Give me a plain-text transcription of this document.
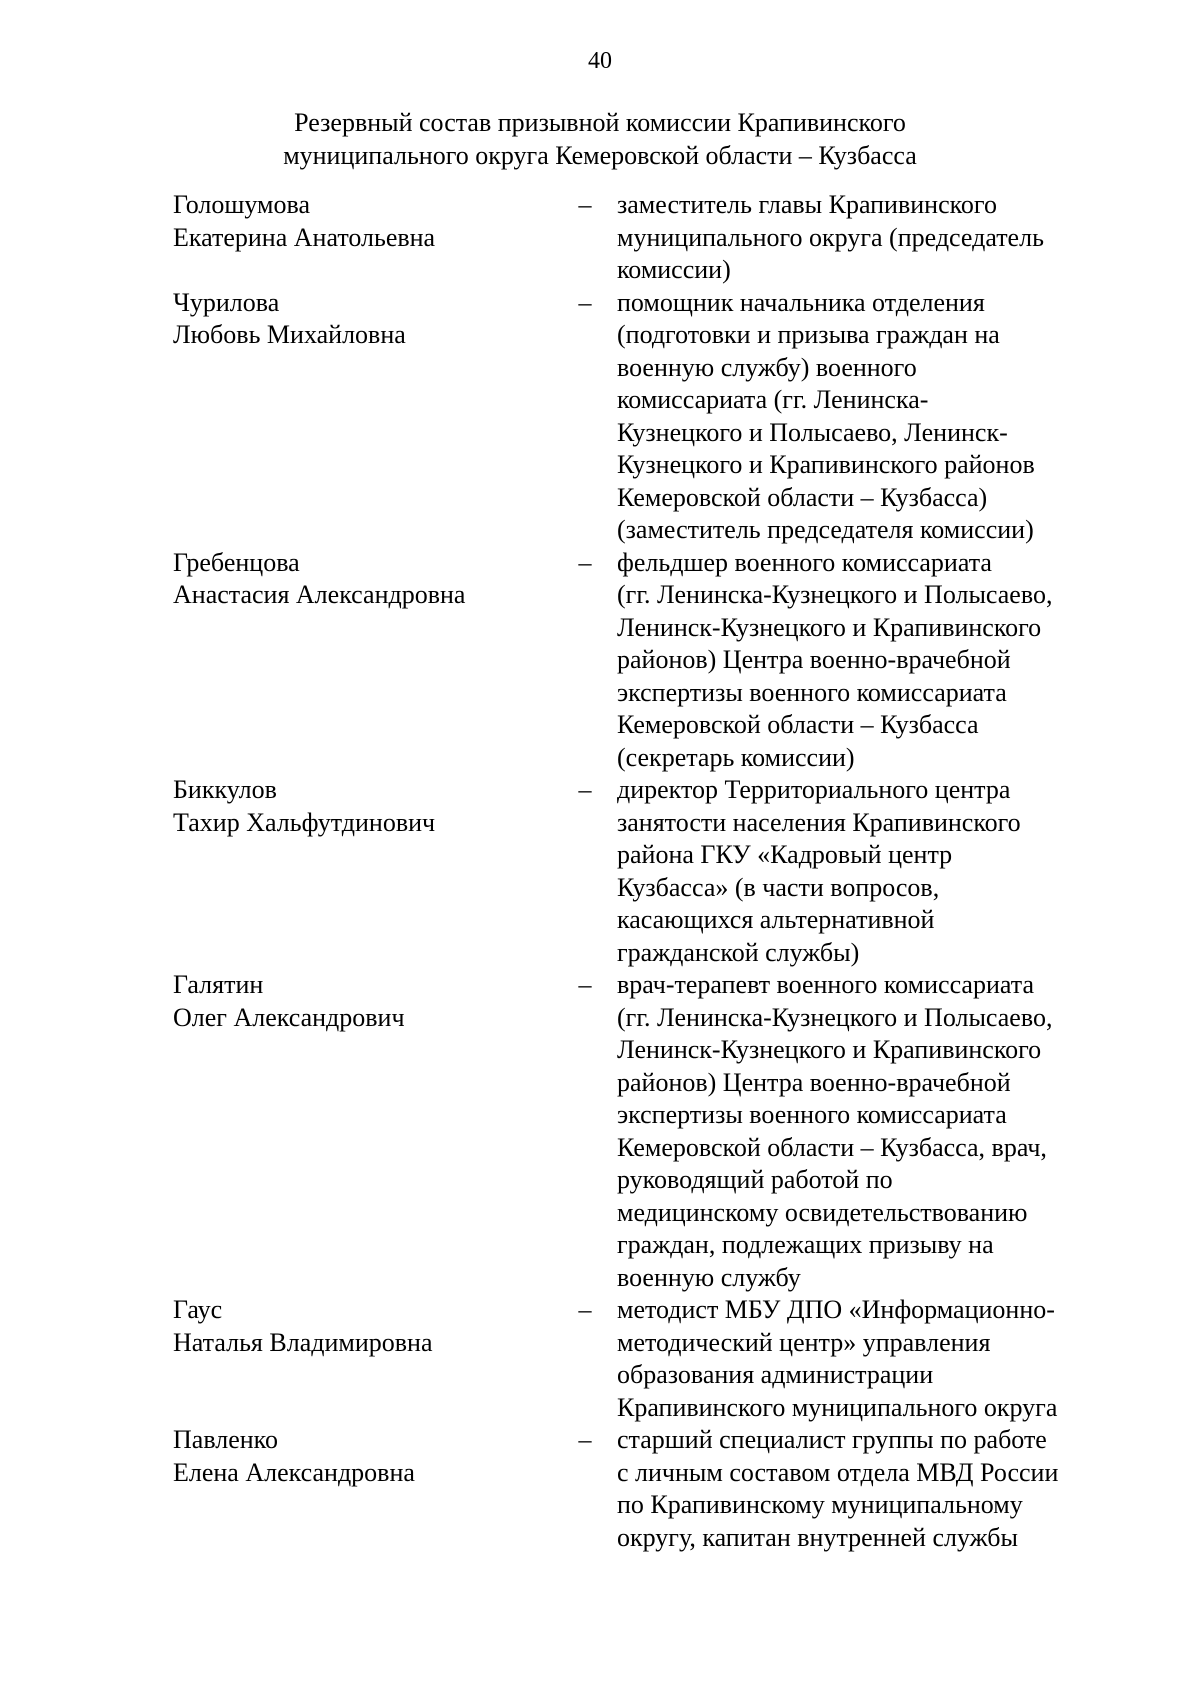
40
Резервный состав призывной комиссии Крапивинского
муниципального округа Кемеровской области – Кузбасса
Голошумова
Екатерина Анатольевна
– заместитель главы Крапивинского
муниципального округа (председатель
комиссии)
Чурилова
Любовь Михайловна
– помощник начальника отделения
(подготовки и призыва граждан на
военную службу) военного
комиссариата (гг. Ленинска-
Кузнецкого и Полысаево, Ленинск-
Кузнецкого и Крапивинского районов
Кемеровской области – Кузбасса)
(заместитель председателя комиссии)
Гребенцова
Анастасия Александровна
– фельдшер военного комиссариата
(гг. Ленинска-Кузнецкого и Полысаево,
Ленинск-Кузнецкого и Крапивинского
районов) Центра военно-врачебной
экспертизы военного комиссариата
Кемеровской области – Кузбасса
(секретарь комиссии)
Биккулов
Тахир Хальфутдинович
– директор Территориального центра
занятости населения Крапивинского
района ГКУ «Кадровый центр
Кузбасса» (в части вопросов,
касающихся альтернативной
гражданской службы)
Галятин
Олег Александрович
– врач-терапевт военного комиссариата
(гг. Ленинска-Кузнецкого и Полысаево,
Ленинск-Кузнецкого и Крапивинского
районов) Центра военно-врачебной
экспертизы военного комиссариата
Кемеровской области – Кузбасса, врач,
руководящий работой по
медицинскому освидетельствованию
граждан, подлежащих призыву на
военную службу
Гаус
Наталья Владимировна
– методист МБУ ДПО «Информационно-
методический центр» управления
образования администрации
Крапивинского муниципального округа
Павленко
Елена Александровна
– старший специалист группы по работе
с личным составом отдела МВД России
по Крапивинскому муниципальному
округу, капитан внутренней службы
